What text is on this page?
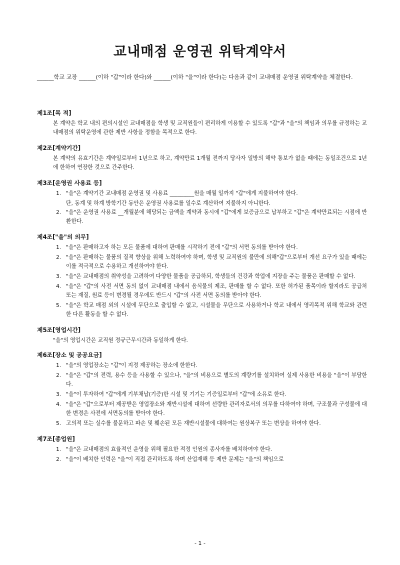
교내매점 운영권 위탁계약서
______학교 교장 ______(이하 "갑"이라 한다)와 ______(이하 "을"이라 한다)는 다음과 같이 교내매점 운영권 위탁계약을 체결한다.
제1조[목 적]
본 계약은 학교 내의 편의시설인 교내매점을 학생 및 교직원들이 편리하게 이용할 수 있도록 "갑"과 "을"의 책임과 의무를 규정하는 교내매점의 위탁운영에 관한 제반 사항을 정함을 목적으로 한다.
제2조[계약기간]
본 계약의 유효기간은 계약일로부터 1년으로 하고, 계약만료 1개월 전까지 당사자 일방의 해약 통보가 없을 때에는 동일조건으로 1년에 한하여 연장한 것으로 간주한다.
제3조[운영권 사용료 등]
1. "을"은 계약기간 교내매점 운영권 및 사용료 _________원을 매월 일까지 "갑"에게 지불하여야 한다.
단, 동계 및 하계 방학기간 동안은 운영권 사용료를 일수로 계산하여 지불하지 아니한다.
2. "을"은 운영권 사용료 __개월분에 해당되는 금액을 계약과 동시에 "갑"에게 보증금으로 납부하고 "갑"은 계약만료되는 시점에 반환한다.
제4조["을"의 의무]
1. "을"은 판매하고자 하는 모든 물품에 대하여 판매를 시작하기 전에 "갑"의 서면 동의를 받아야 한다.
2. "을"은 판매하는 물품의 질적 향상을 위해 노력하여야 하며, 학생 및 교직원의 불만에 의해"갑"으로부터 개선 요구가 있을 때에는 이를 적극적으로 수용하고 개선하여야 한다.
3. "을"은 교내매점의 취약성을 고려하여 다양한 물품을 공급하되, 학생들의 건강과 학업에 지장을 주는 물품은 판매할 수 없다.
4. "을"은 "갑"의 사전 서면 동의 없이 교내매점 내에서 음식물의 제조, 판매를 할 수 없다. 또한 허가된 품목이라 할지라도 공급처 또는 재질, 원료 등이 변경될 경우에도 반드시 "갑"의 사전 서면 동의를 받아야 한다.
5. "을"은 학교 매점 외의 시설에 무단으로 출입할 수 없고, 시설물을 무단으로 사용하거나 학교 내에서 영리목적 위해 학교와 관련한 다른 활동을 할 수 없다.
제5조[영업시간]
"을"의 영업시간은 교직원 정규근무시간과 동일하게 한다.
제6조[장소 및 공공요금]
1. "을"의 영업장소는 "갑"이 지정 제공하는 장소에 한한다.
2. "을"은 "갑"의 전력, 용수 등을 사용할 수 있으나, "을"의 비용으로 별도의 계량기를 설치하여 실제 사용한 비용을 "을"이 부담한다.
3. "을"이 투자하여 "갑"에게 기부채납(기증)한 시설 및 기기는 기증일로부터 "갑"에 소유로 한다.
4. "을"은 "갑"으로부터 제공받은 영업장소와 재반시설에 대하여 선량한 관리자로서의 의무를 다하여야 하며, 구조물과 구성물에 대한 변경은 사전에 서면동의를 받아야 한다.
5. 고의적 또는 실수를 불문하고 파손 및 훼손된 모든 재반시설물에 대하여는 원상복구 또는 변상을 하여야 한다.
제7조[종업원]
1. "을"은 교내매점의 효율적인 운영을 위해 필요한 적정 인원의 종사자를 배치하여야 한다.
2. "을"이 배치한 인력은 "을"이 직접 관리하도록 하며 산업재해 등 제반 문제는 "을"의 책임으로
- 1 -
